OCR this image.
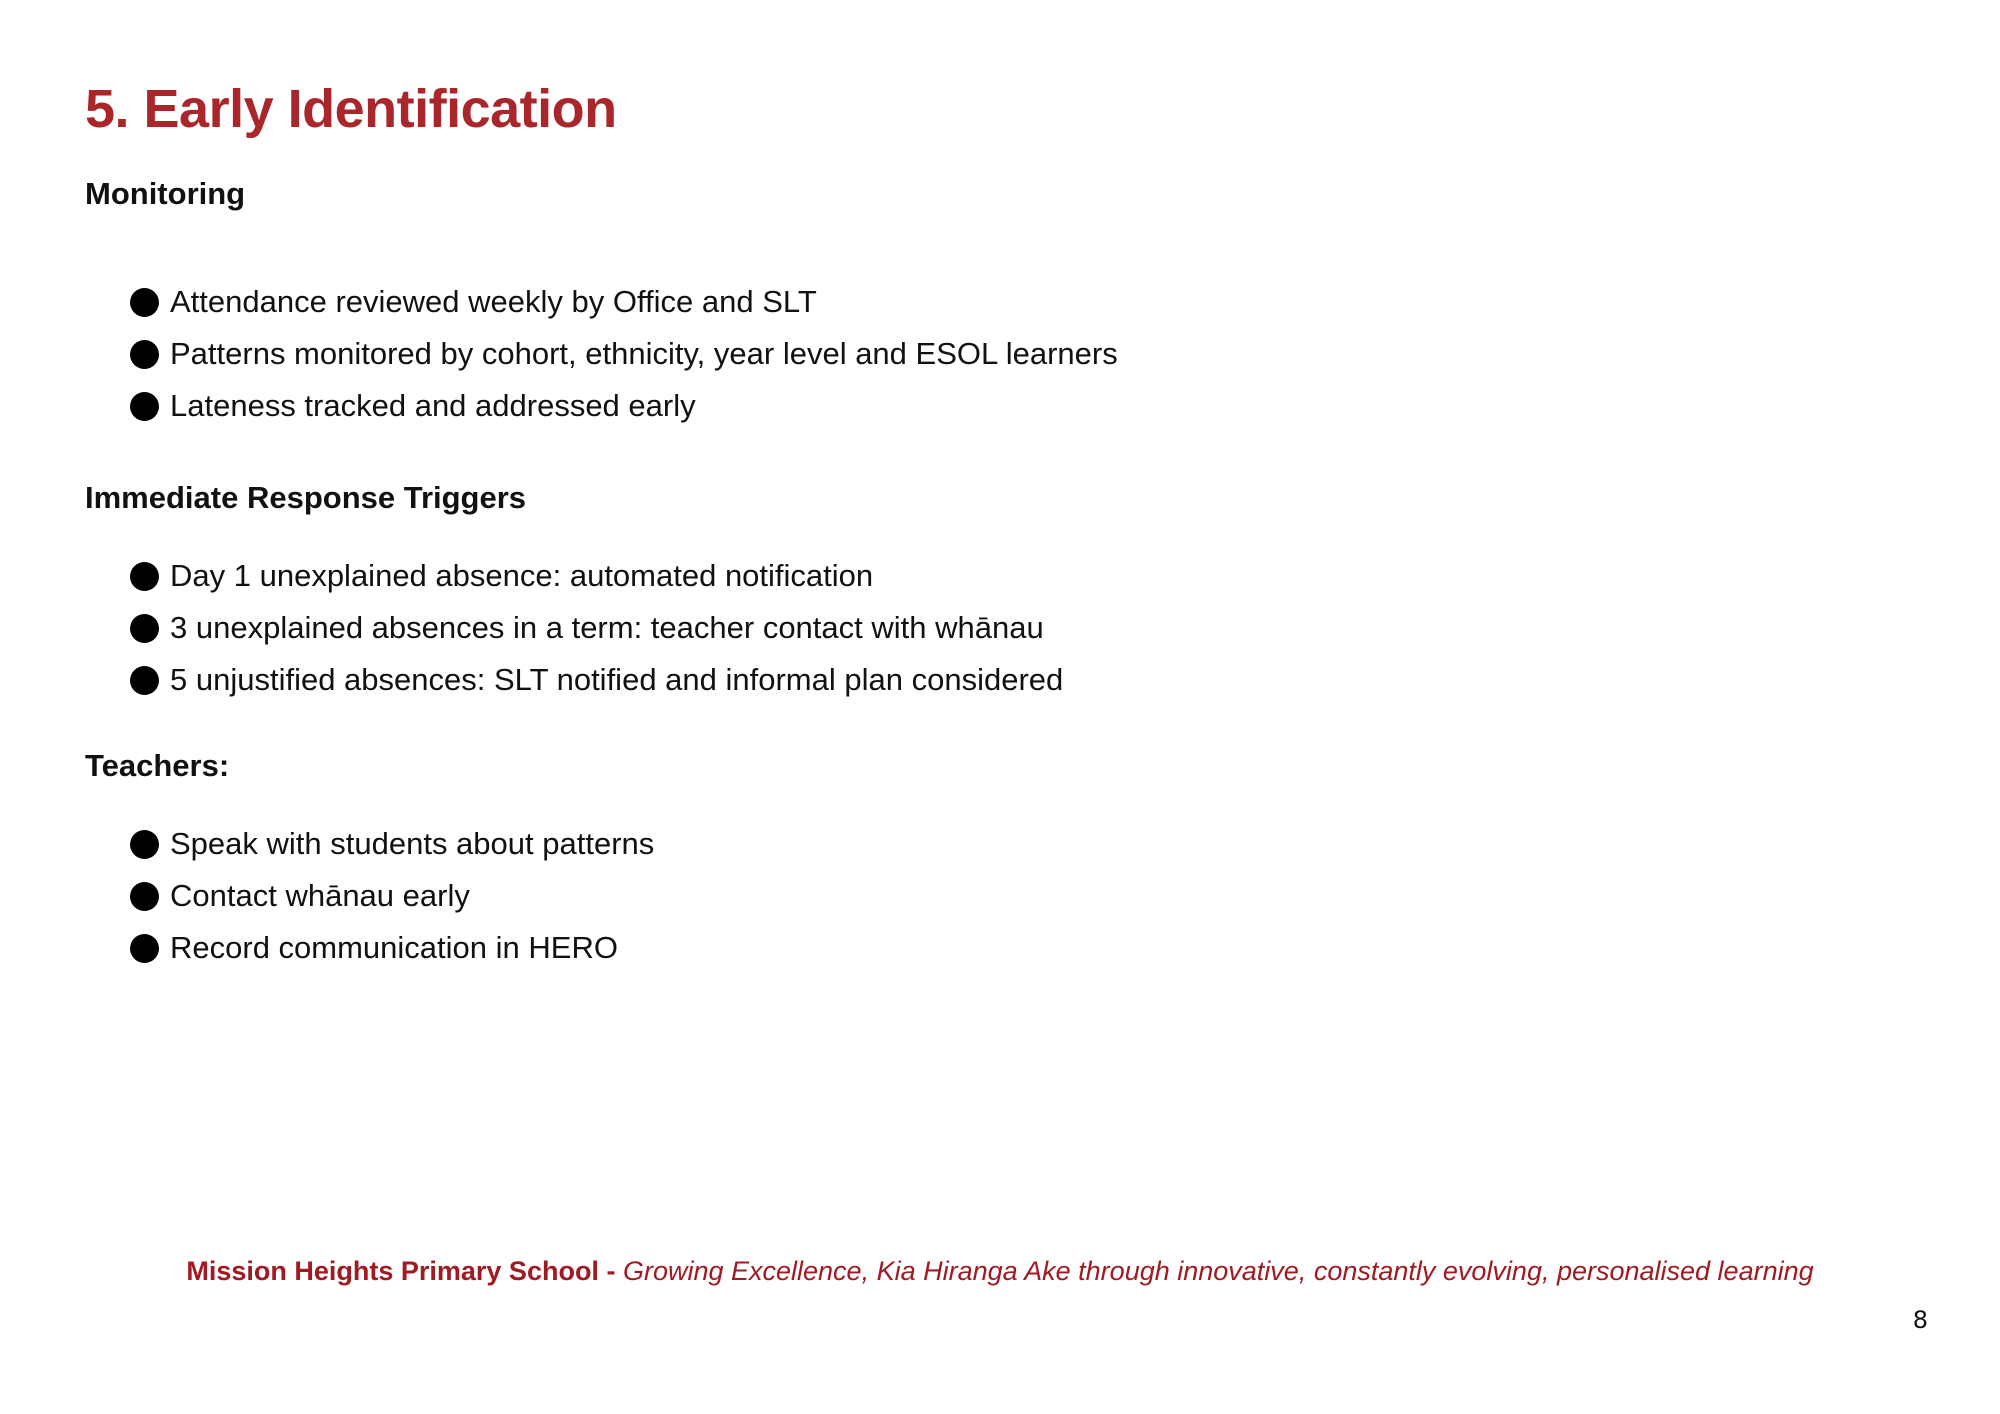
5. Early Identification
Monitoring
Attendance reviewed weekly by Office and SLT
Patterns monitored by cohort, ethnicity, year level and ESOL learners
Lateness tracked and addressed early
Immediate Response Triggers
Day 1 unexplained absence: automated notification
3 unexplained absences in a term: teacher contact with whānau
5 unjustified absences: SLT notified and informal plan considered
Teachers:
Speak with students about patterns
Contact whānau early
Record communication in HERO
Mission Heights Primary School - Growing Excellence, Kia Hiranga Ake through innovative, constantly evolving, personalised learning
8
